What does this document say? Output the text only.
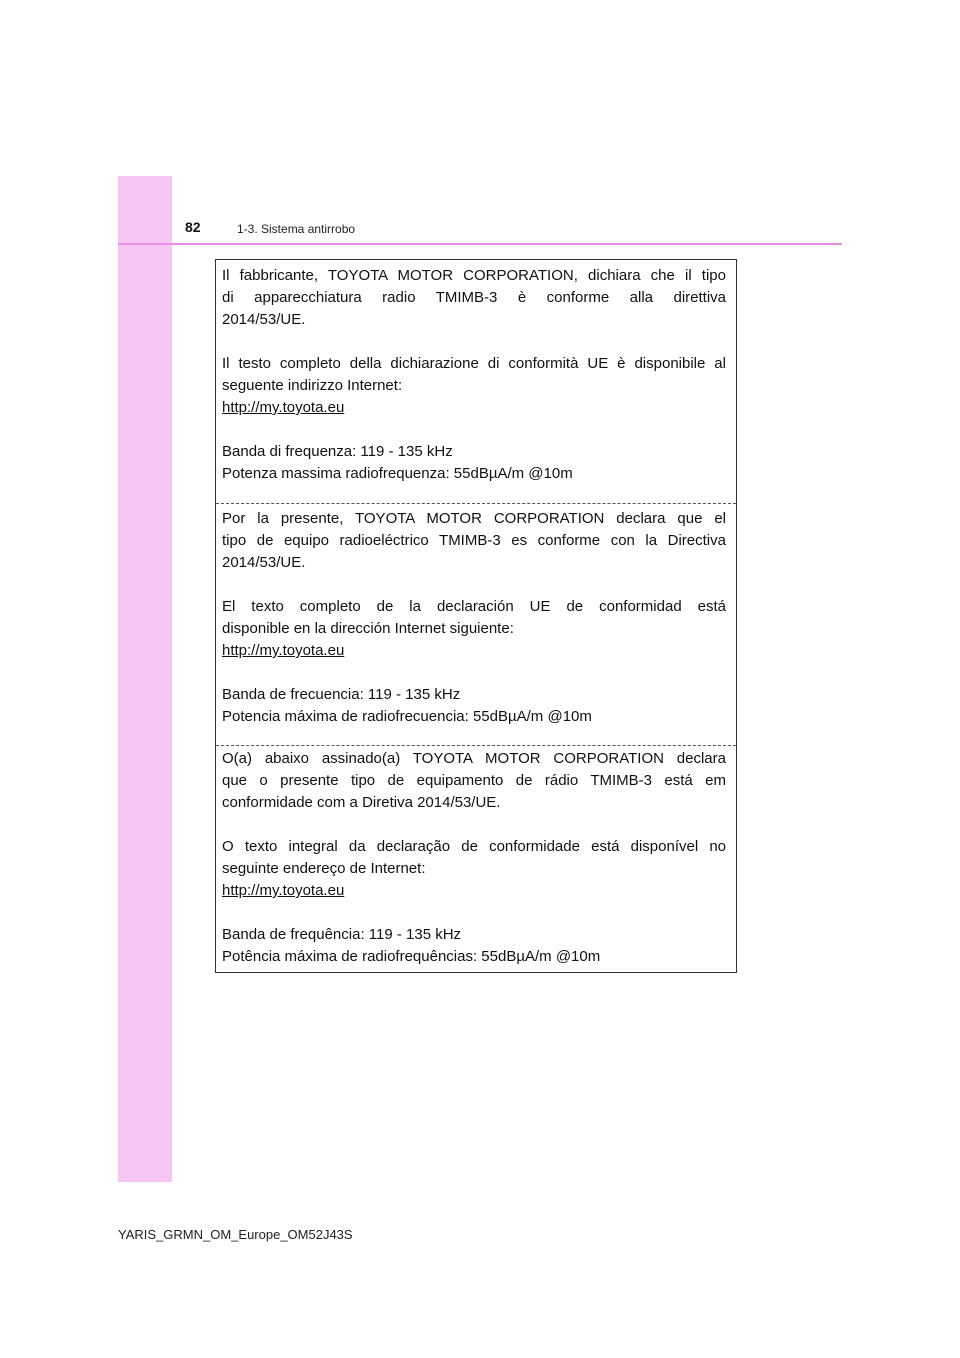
82	1-3. Sistema antirrobo

Il fabbricante, TOYOTA MOTOR CORPORATION, dichiara che il tipo

di apparecchiatura radio TMIMB-3 è conforme alla direttiva

2014/53/UE.

Il testo completo della dichiarazione di conformità UE è disponibile al

seguente indirizzo Internet:

http://my.toyota.eu

Banda di frequenza: 119 - 135 kHz

Potenza massima radiofrequenza: 55dBµA/m @10m

Por la presente, TOYOTA MOTOR CORPORATION declara que el

tipo de equipo radioeléctrico TMIMB-3 es conforme con la Directiva

2014/53/UE.

El texto completo de la declaración UE de conformidad está

disponible en la dirección Internet siguiente:

http://my.toyota.eu

Banda de frecuencia: 119 - 135 kHz

Potencia máxima de radiofrecuencia: 55dBµA/m @10m

O(a) abaixo assinado(a) TOYOTA MOTOR CORPORATION declara

que o presente tipo de equipamento de rádio TMIMB-3 está em

conformidade com a Diretiva 2014/53/UE.

O texto integral da declaração de conformidade está disponível no

seguinte endereço de Internet:

http://my.toyota.eu

Banda de frequência: 119 - 135 kHz

Potência máxima de radiofrequências: 55dBµA/m @10m

YARIS_GRMN_OM_Europe_OM52J43S
